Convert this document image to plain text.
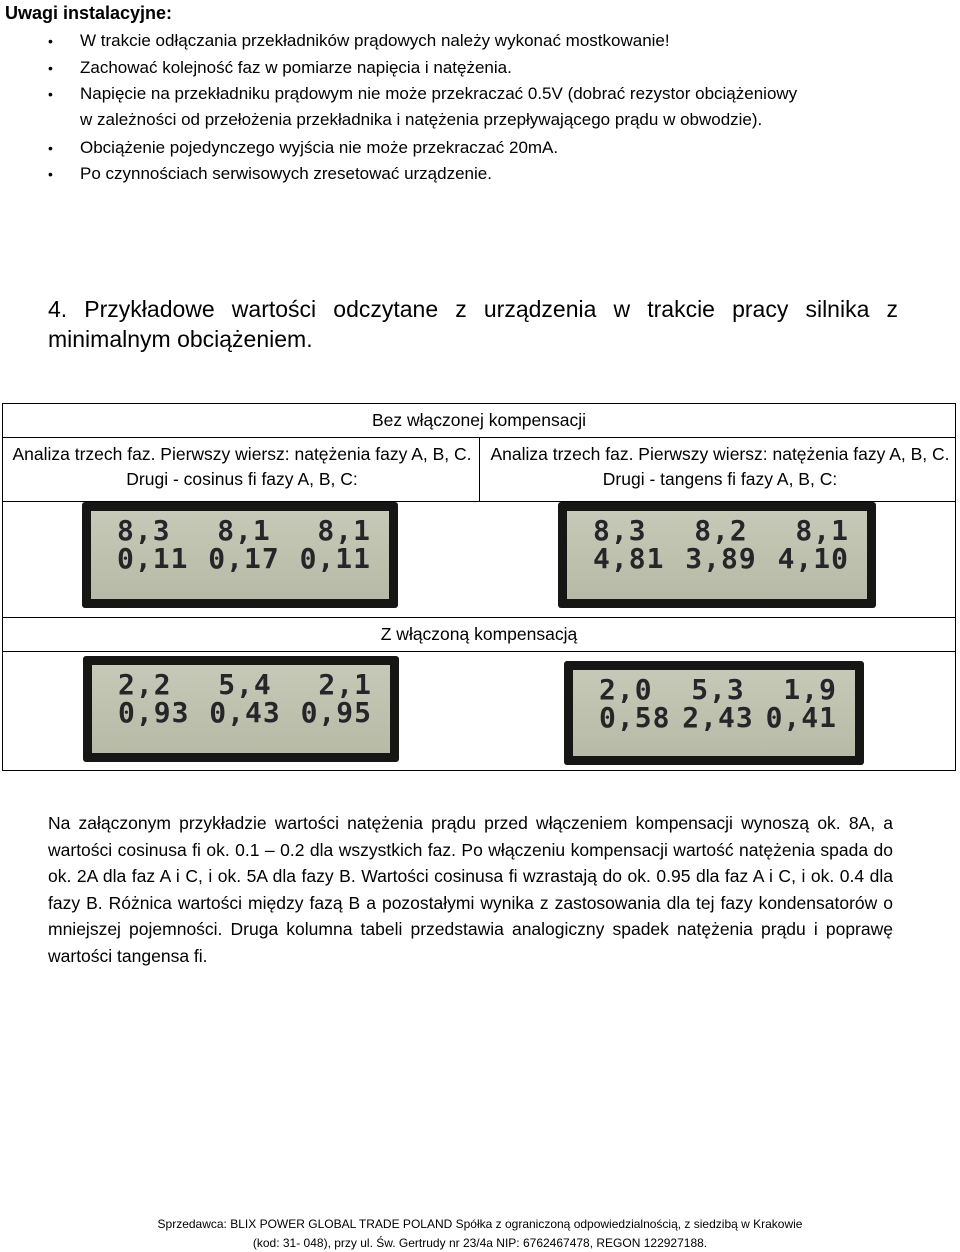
Uwagi instalacyjne:
• W trakcie odłączania przekładników prądowych należy wykonać mostkowanie!
• Zachować kolejność faz w pomiarze napięcia i natężenia.
• Napięcie na przekładniku prądowym nie może przekraczać 0.5V (dobrać rezystor obciążeniowy
w zależności od przełożenia przekładnika i natężenia przepływającego prądu w obwodzie).
• Obciążenie pojedynczego wyjścia nie może przekraczać 20mA.
• Po czynnościach serwisowych zresetować urządzenie.
4. Przykładowe wartości odczytane z urządzenia w trakcie pracy silnika z minimalnym obciążeniem.
Bez włączonej kompensacji
Analiza trzech faz. Pierwszy wiersz: natężenia fazy A, B, C. Drugi - cosinus fi fazy A, B, C:
Analiza trzech faz. Pierwszy wiersz: natężenia fazy A, B, C. Drugi - tangens fi fazy A, B, C:
Z włączoną kompensacją
8,3 8,1 8,1
0,11 0,17 0,11
8,3 8,2 8,1
4,81 3,89 4,10
2,2 5,4 2,1
0,93 0,43 0,95
2,0 5,3 1,9
0,58 2,43 0,41
Na załączonym przykładzie wartości natężenia prądu przed włączeniem kompensacji wynoszą ok. 8A, a wartości cosinusa fi ok. 0.1 – 0.2 dla wszystkich faz. Po włączeniu kompensacji wartość natężenia spada do ok. 2A dla faz A i C, i ok. 5A dla fazy B. Wartości cosinusa fi wzrastają do ok. 0.95 dla faz A i C, i ok. 0.4 dla fazy B. Różnica wartości między fazą B a pozostałymi wynika z zastosowania dla tej fazy kondensatorów o mniejszej pojemności. Druga kolumna tabeli przedstawia analogiczny spadek natężenia prądu i poprawę wartości tangensa fi.
Sprzedawca: BLIX POWER GLOBAL TRADE POLAND Spółka z ograniczoną odpowiedzialnością, z siedzibą w Krakowie
(kod: 31- 048), przy ul. Św. Gertrudy nr 23/4a NIP: 6762467478, REGON 122927188.
